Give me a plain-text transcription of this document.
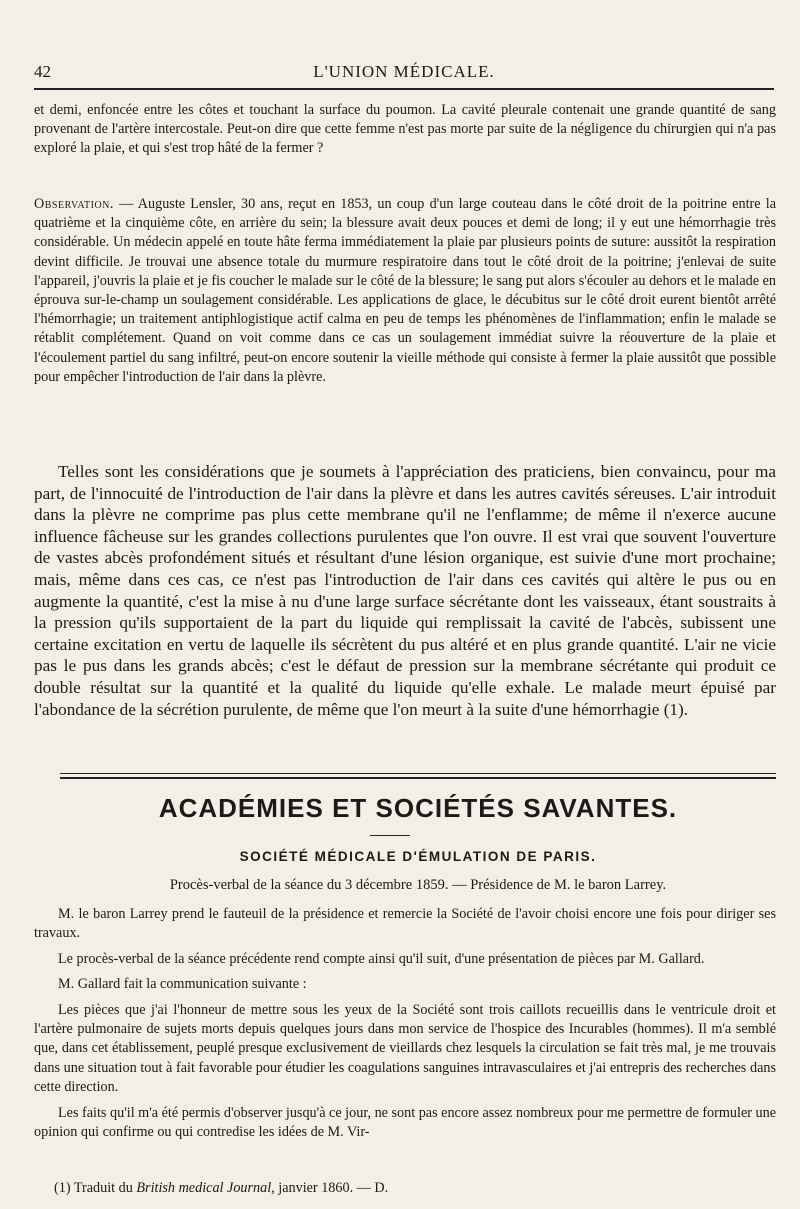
42	L'UNION MÉDICALE.

et demi, enfoncée entre les côtes et touchant la surface du poumon. La cavité pleurale contenait une grande quantité de sang provenant de l'artère intercostale. Peut-on dire que cette femme n'est pas morte par suite de la négligence du chirurgien qui n'a pas exploré la plaie, et qui s'est trop hâté de la fermer ?

Observation. — Auguste Lensler, 30 ans, reçut en 1853, un coup d'un large couteau dans le côté droit de la poitrine entre la quatrième et la cinquième côte, en arrière du sein; la blessure avait deux pouces et demi de long; il y eut une hémorrhagie très considérable. Un médecin appelé en toute hâte ferma immédiatement la plaie par plusieurs points de suture: aussitôt la respiration devint difficile. Je trouvai une absence totale du murmure respiratoire dans tout le côté droit de la poitrine; j'enlevai de suite l'appareil, j'ouvris la plaie et je fis coucher le malade sur le côté de la blessure; le sang put alors s'écouler au dehors et le malade en éprouva sur-le-champ un soulagement considérable. Les applications de glace, le décubitus sur le côté droit eurent bientôt arrêté l'hémorrhagie; un traitement antiphlogistique actif calma en peu de temps les phénomènes de l'inflammation; enfin le malade se rétablit complétement. Quand on voit comme dans ce cas un soulagement immédiat suivre la réouverture de la plaie et l'écoulement partiel du sang infiltré, peut-on encore soutenir la vieille méthode qui consiste à fermer la plaie aussitôt que possible pour empêcher l'introduction de l'air dans la plèvre.

Telles sont les considérations que je soumets à l'appréciation des praticiens, bien convaincu, pour ma part, de l'innocuité de l'introduction de l'air dans la plèvre et dans les autres cavités séreuses. L'air introduit dans la plèvre ne comprime pas plus cette membrane qu'il ne l'enflamme; de même il n'exerce aucune influence fâcheuse sur les grandes collections purulentes que l'on ouvre. Il est vrai que souvent l'ouverture de vastes abcès profondément situés et résultant d'une lésion organique, est suivie d'une mort prochaine; mais, même dans ces cas, ce n'est pas l'introduction de l'air dans ces cavités qui altère le pus ou en augmente la quantité, c'est la mise à nu d'une large surface sécrétante dont les vaisseaux, étant soustraits à la pression qu'ils supportaient de la part du liquide qui remplissait la cavité de l'abcès, subissent une certaine excitation en vertu de laquelle ils sécrètent du pus altéré et en plus grande quantité. L'air ne vicie pas le pus dans les grands abcès; c'est le défaut de pression sur la membrane sécrétante qui produit ce double résultat sur la quantité et la qualité du liquide qu'elle exhale. Le malade meurt épuisé par l'abondance de la sécrétion purulente, de même que l'on meurt à la suite d'une hémorrhagie (1).

ACADÉMIES ET SOCIÉTÉS SAVANTES.
SOCIÉTÉ MÉDICALE D'ÉMULATION DE PARIS.
Procès-verbal de la séance du 3 décembre 1859. — Présidence de M. le baron Larrey.

M. le baron Larrey prend le fauteuil de la présidence et remercie la Société de l'avoir choisi encore une fois pour diriger ses travaux.

Le procès-verbal de la séance précédente rend compte ainsi qu'il suit, d'une présentation de pièces par M. Gallard.

M. Gallard fait la communication suivante :

Les pièces que j'ai l'honneur de mettre sous les yeux de la Société sont trois caillots recueillis dans le ventricule droit et l'artère pulmonaire de sujets morts depuis quelques jours dans mon service de l'hospice des Incurables (hommes). Il m'a semblé que, dans cet établissement, peuplé presque exclusivement de vieillards chez lesquels la circulation se fait très mal, je me trouvais dans une situation tout à fait favorable pour étudier les coagulations sanguines intravasculaires et j'ai entrepris des recherches dans cette direction.

Les faits qu'il m'a été permis d'observer jusqu'à ce jour, ne sont pas encore assez nombreux pour me permettre de formuler une opinion qui confirme ou qui contredise les idées de M. Vir-

(1) Traduit du British medical Journal, janvier 1860. — D.
